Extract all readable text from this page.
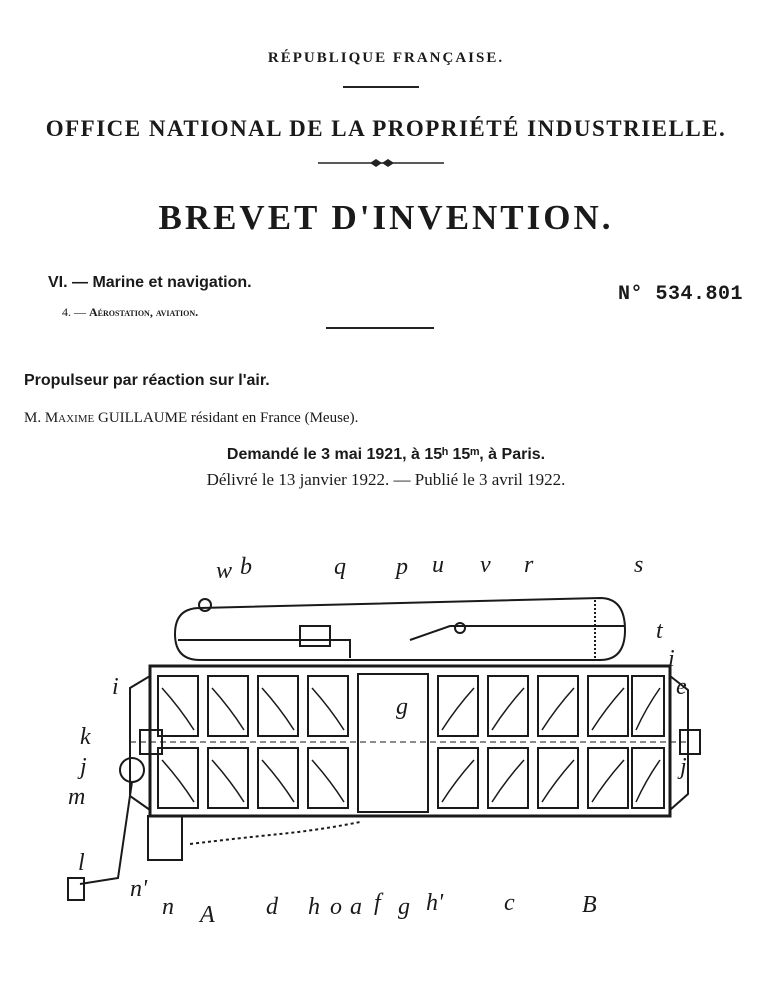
RÉPUBLIQUE FRANÇAISE.
OFFICE NATIONAL DE LA PROPRIÉTÉ INDUSTRIELLE.
BREVET D'INVENTION.
VI. — Marine et navigation.
4. — Aérostation, aviation.
N° 534.801
Propulseur par réaction sur l'air.
M. Maxime GUILLAUME résidant en France (Meuse).
Demandé le 3 mai 1921, à 15ʰ 15ᵐ, à Paris.
Délivré le 13 janvier 1922. — Publié le 3 avril 1922.
w b	q p u v r	s
t
i
i
e
g
k
j	j
m
l
n'
n A d h o a f g h'	c	B
